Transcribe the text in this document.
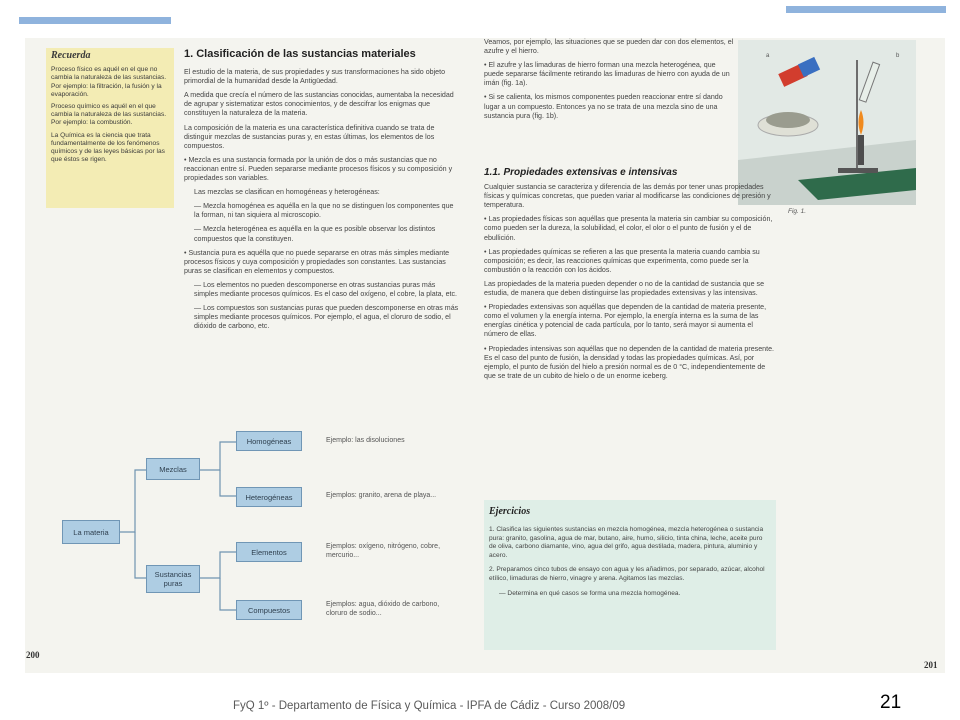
Recuerda

Proceso físico es aquél en el que no cambia la naturaleza de las sustancias. Por ejemplo: la filtración, la fusión y la evaporación.

Proceso químico es aquél en el que cambia la naturaleza de las sustancias. Por ejemplo: la combustión.

La Química es la ciencia que trata fundamentalmente de los fenómenos químicos y de las leyes básicas por las que éstos se rigen.

1. Clasificación de las sustancias materiales

El estudio de la materia, de sus propiedades y sus transformaciones ha sido objeto primordial de la humanidad desde la Antigüedad.

A medida que crecía el número de las sustancias conocidas, aumentaba la necesidad de agrupar y sistematizar estos conocimientos, y de descifrar los enigmas que constituyen la naturaleza de la materia.

La composición de la materia es una característica definitiva cuando se trata de distinguir mezclas de sustancias puras y, en estas últimas, los elementos de los compuestos.

• Mezcla es una sustancia formada por la unión de dos o más sustancias que no reaccionan entre sí. Pueden separarse mediante procesos físicos y su composición y propiedades son variables.

Las mezclas se clasifican en homogéneas y heterogéneas:

— Mezcla homogénea es aquélla en la que no se distinguen los componentes que la forman, ni tan siquiera al microscopio.

— Mezcla heterogénea es aquélla en la que es posible observar los distintos compuestos que la constituyen.

• Sustancia pura es aquélla que no puede separarse en otras más simples mediante procesos físicos y cuya composición y propiedades son constantes. Las sustancias puras se clasifican en elementos y compuestos.

— Los elementos no pueden descomponerse en otras sustancias puras más simples mediante procesos químicos. Es el caso del oxígeno, el cobre, la plata, etc.

— Los compuestos son sustancias puras que pueden descomponerse en otras más simples mediante procesos químicos. Por ejemplo, el agua, el cloruro de sodio, el dióxido de carbono, etc.

Veamos, por ejemplo, las situaciones que se pueden dar con dos elementos, el azufre y el hierro.

• El azufre y las limaduras de hierro forman una mezcla heterogénea, que puede separarse fácilmente retirando las limaduras de hierro con ayuda de un imán (fig. 1a).

• Si se calienta, los mismos componentes pueden reaccionar entre sí dando lugar a un compuesto. Entonces ya no se trata de una mezcla sino de una sustancia pura (fig. 1b).

a	b
Fig. 1.
1.1. Propiedades extensivas e intensivas

Cualquier sustancia se caracteriza y diferencia de las demás por tener unas propiedades físicas y químicas concretas, que pueden variar al modificarse las condiciones de presión y temperatura.

• Las propiedades físicas son aquéllas que presenta la materia sin cambiar su composición, como pueden ser la dureza, la solubilidad, el color, el olor o el punto de fusión y el de ebullición.

• Las propiedades químicas se refieren a las que presenta la materia cuando cambia su composición; es decir, las reacciones químicas que experimenta, como puede ser la combustión o la reacción con los ácidos.

Las propiedades de la materia pueden depender o no de la cantidad de sustancia que se estudia, de manera que deben distinguirse las propiedades extensivas y las intensivas.

• Propiedades extensivas son aquéllas que dependen de la cantidad de materia presente, como el volumen y la energía interna. Por ejemplo, la energía interna es la suma de las energías cinética y potencial de cada partícula, por lo tanto, será mayor si aumenta el número de ellas.

• Propiedades intensivas son aquéllas que no dependen de la cantidad de materia presente. Es el caso del punto de fusión, la densidad y todas las propiedades químicas. Así, por ejemplo, el punto de fusión del hielo a presión normal es de 0 °C, independientemente de que se trate de un cubito de hielo o de un enorme iceberg.

La materia
Mezclas
Sustancias
puras
Homogéneas
Heterogéneas
Elementos
Compuestos
Ejemplo: las disoluciones
Ejemplos: granito, arena de playa...
Ejemplos: oxígeno, nitrógeno, cobre,
mercurio...
Ejemplos: agua, dióxido de carbono,
cloruro de sodio...
Ejercicios

1. Clasifica las siguientes sustancias en mezcla homogénea, mezcla heterogénea o sustancia pura: granito, gasolina, agua de mar, butano, aire, humo, silicio, tinta china, leche, aceite puro de oliva, carbono diamante, vino, agua del grifo, agua destilada, madera, pintura, aluminio y acero.

2. Preparamos cinco tubos de ensayo con agua y les añadimos, por separado, azúcar, alcohol etílico, limaduras de hierro, vinagre y arena. Agitamos las mezclas.

— Determina en qué casos se forma una mezcla homogénea.

200
201
FyQ 1º - Departamento de Física y Química - IPFA de Cádiz - Curso 2008/09	21
